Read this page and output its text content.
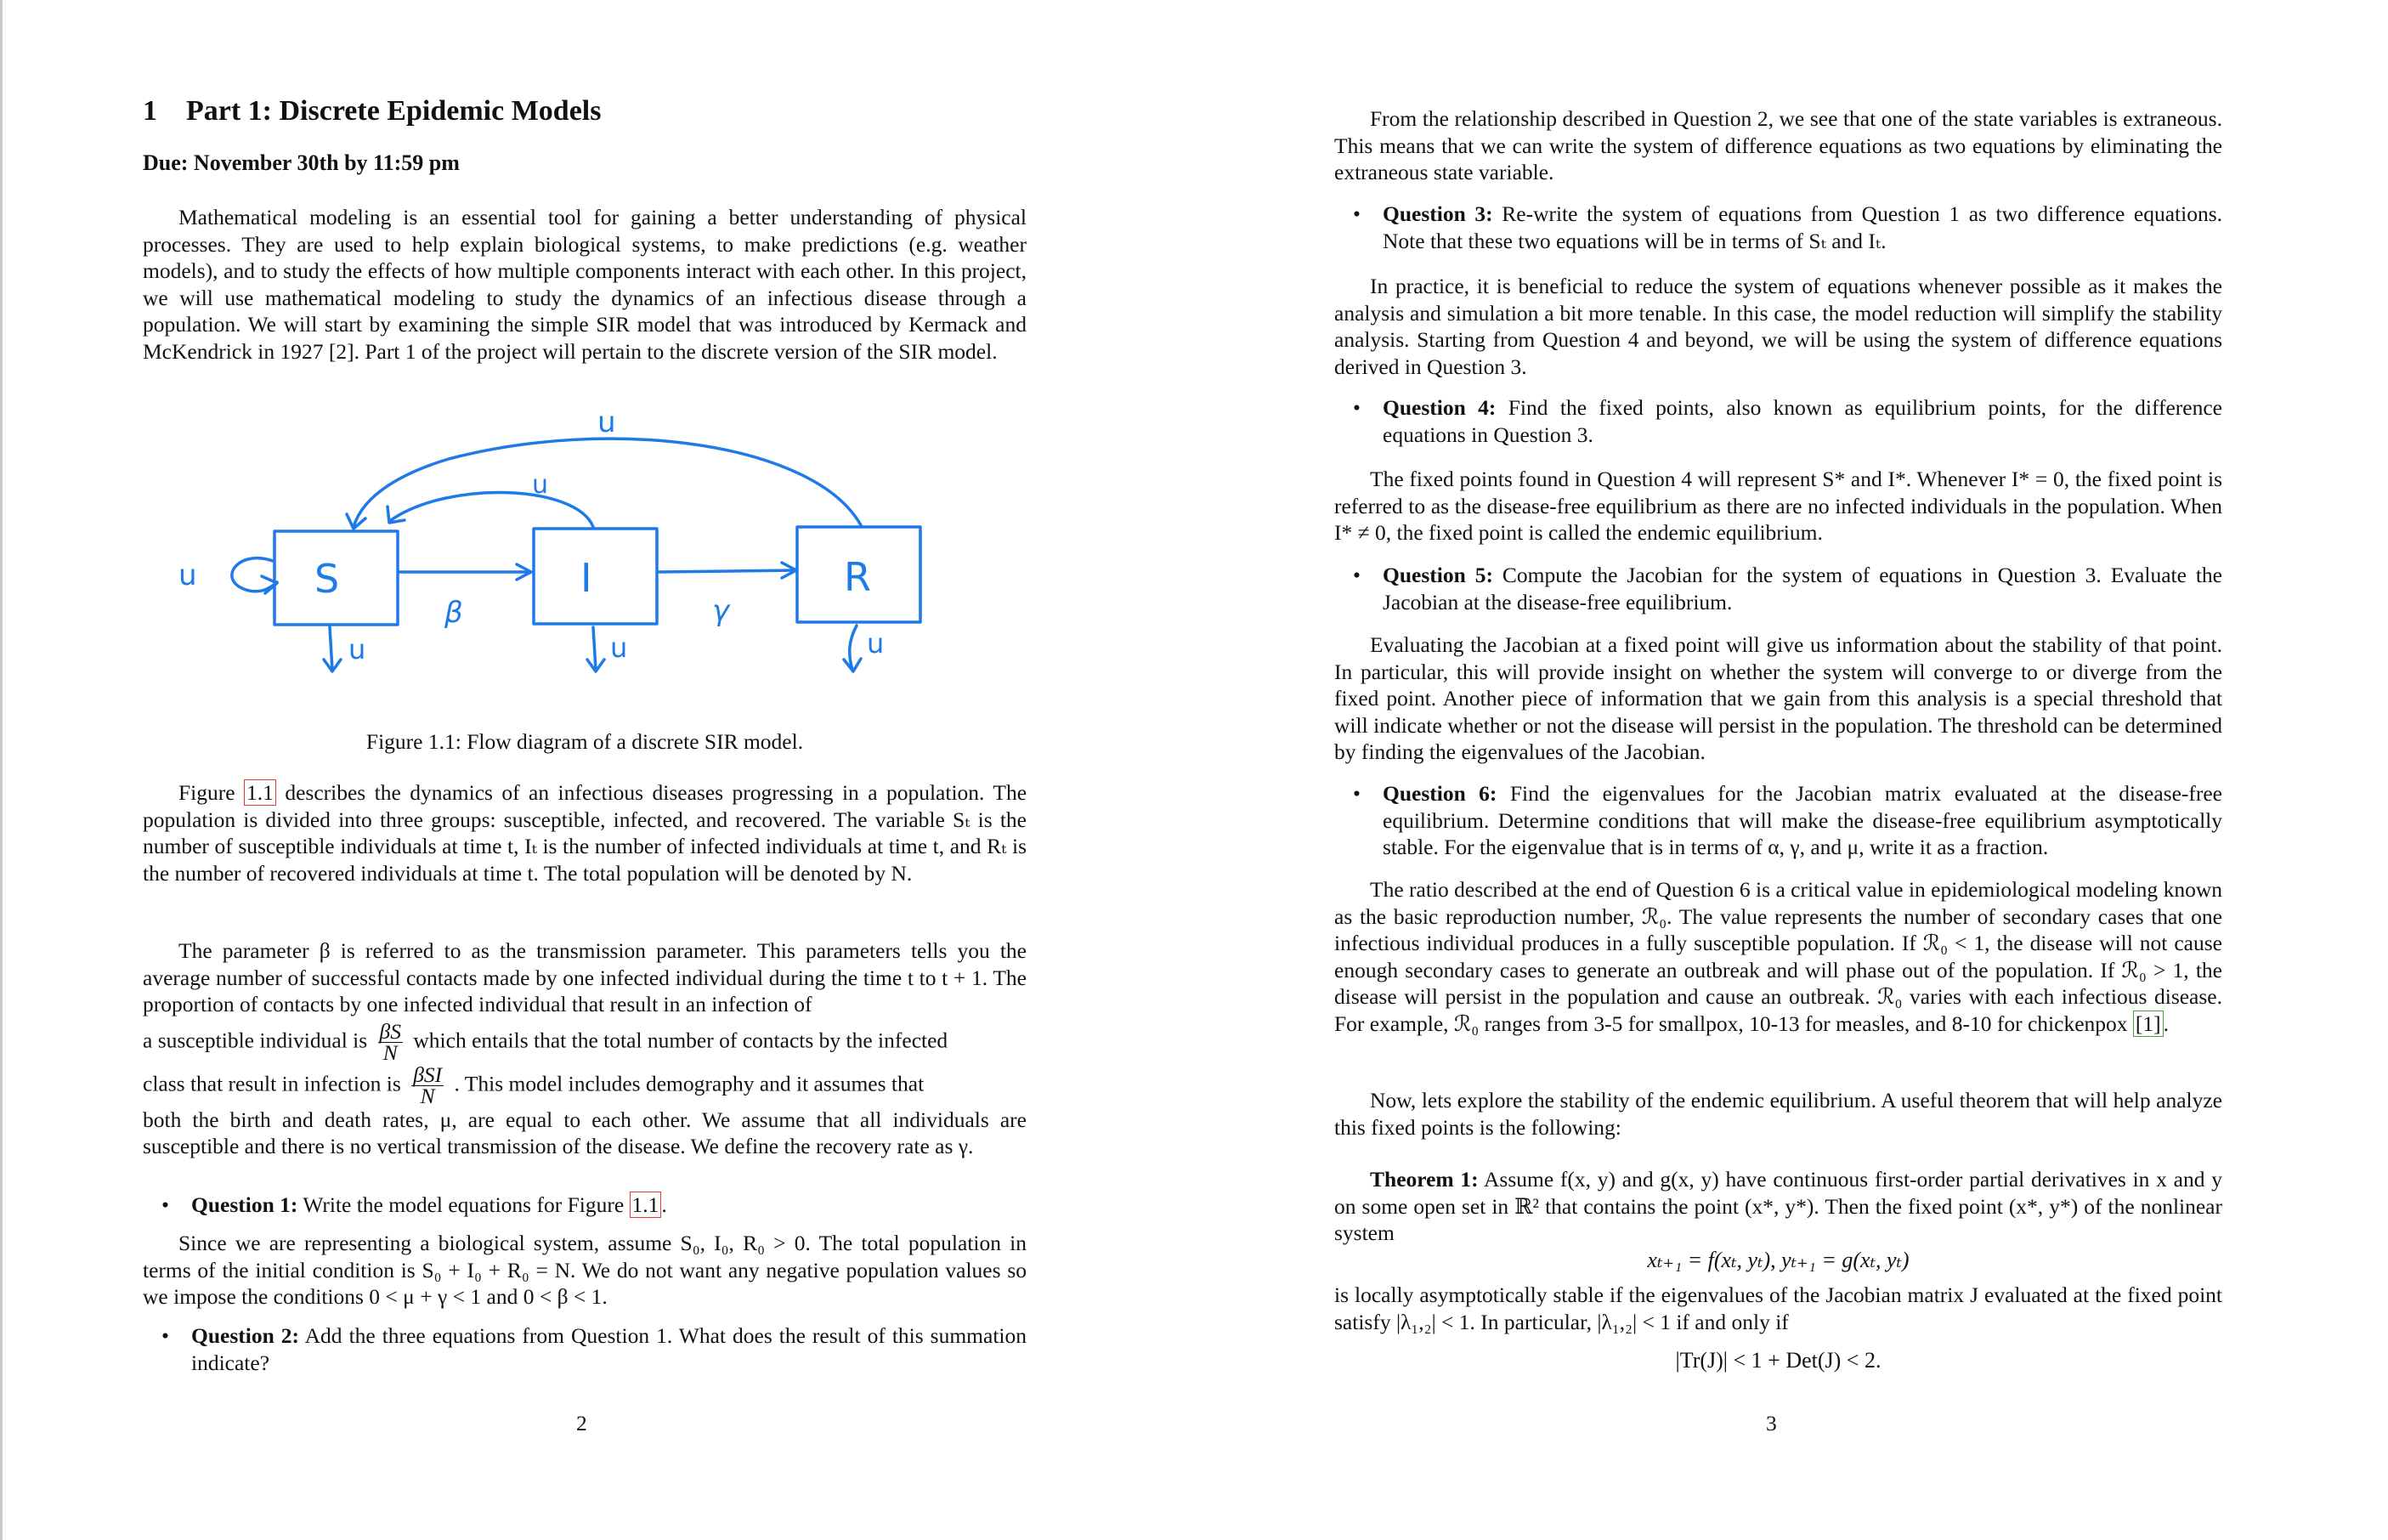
1 Part 1: Discrete Epidemic Models
Due: November 30th by 11:59 pm

Mathematical modeling is an essential tool for gaining a better understanding of physical processes. They are used to help explain biological systems, to make predictions (e.g. weather models), and to study the effects of how multiple components interact with each other. In this project, we will use mathematical modeling to study the dynamics of an infectious disease through a population. We will start by examining the simple SIR model that was introduced by Kermack and McKendrick in 1927 [2]. Part 1 of the project will pertain to the discrete version of the SIR model.

S	I	R
β	γ
u
u
u
u	u	u
Figure 1.1: Flow diagram of a discrete SIR model.

Figure 1.1 describes the dynamics of an infectious diseases progressing in a population. The population is divided into three groups: susceptible, infected, and recovered. The variable Sₜ is the number of susceptible individuals at time t, Iₜ is the number of infected individuals at time t, and Rₜ is the number of recovered individuals at time t. The total population will be denoted by N.

The parameter β is referred to as the transmission parameter. This parameters tells you the average number of successful contacts made by one infected individual during the time t to t + 1. The proportion of contacts by one infected individual that result in an infection of

a susceptible individual is $\frac{\beta S}{N}$ which entails that the total number of contacts by the infected

class that result in infection is $\frac{\text{βSI}}{N}$ . This model includes demography and it assumes that

both the birth and death rates, μ, are equal to each other. We assume that all individuals are susceptible and there is no vertical transmission of the disease. We define the recovery rate as γ.

• Question 1: Write the model equations for Figure 1.1 .

Since we are representing a biological system, assume S₀, I₀, R₀ > 0. The total population in terms of the initial condition is S₀ + I₀ + R₀ = N. We do not want any negative population values so we impose the conditions 0 < μ + γ < 1 and 0 < β < 1.

• Question 2: Add the three equations from Question 1. What does the result of this summation indicate?
2

From the relationship described in Question 2, we see that one of the state variables is extraneous. This means that we can write the system of difference equations as two equations by eliminating the extraneous state variable.

• Question 3: Re-write the system of equations from Question 1 as two difference equations. Note that these two equations will be in terms of Sₜ and Iₜ.

In practice, it is beneficial to reduce the system of equations whenever possible as it makes the analysis and simulation a bit more tenable. In this case, the model reduction will simplify the stability analysis. Starting from Question 4 and beyond, we will be using the system of difference equations derived in Question 3.

• Question 4: Find the fixed points, also known as equilibrium points, for the difference equations in Question 3.

The fixed points found in Question 4 will represent S* and I*. Whenever I* = 0, the fixed point is referred to as the disease-free equilibrium as there are no infected individuals in the population. When I* ≠ 0, the fixed point is called the endemic equilibrium.

• Question 5: Compute the Jacobian for the system of equations in Question 3. Evaluate the Jacobian at the disease-free equilibrium.

Evaluating the Jacobian at a fixed point will give us information about the stability of that point. In particular, this will provide insight on whether the system will converge to or diverge from the fixed point. Another piece of information that we gain from this analysis is a special threshold that will indicate whether or not the disease will persist in the population. The threshold can be determined by finding the eigenvalues of the Jacobian.

• Question 6: Find the eigenvalues for the Jacobian matrix evaluated at the disease-free equilibrium. Determine conditions that will make the disease-free equilibrium asymptotically stable. For the eigenvalue that is in terms of α, γ, and μ, write it as a fraction.

The ratio described at the end of Question 6 is a critical value in epidemiological modeling known as the basic reproduction number, ℛ₀. The value represents the number of secondary cases that one infectious individual produces in a fully susceptible population. If ℛ₀ < 1, the disease will not cause enough secondary cases to generate an outbreak and will phase out of the population. If ℛ₀ > 1, the disease will persist in the population and cause an outbreak. ℛ₀ varies with each infectious disease. For example, ℛ₀ ranges from 3-5 for smallpox, 10-13 for measles, and 8-10 for chickenpox [1] .

Now, lets explore the stability of the endemic equilibrium. A useful theorem that will help analyze this fixed points is the following:

Theorem 1: Assume f(x, y) and g(x, y) have continuous first-order partial derivatives in x and y on some open set in ℝ² that contains the point (x*, y*). Then the fixed point (x*, y*) of the nonlinear system

xₜ₊₁ = f(xₜ, yₜ), yₜ₊₁ = g(xₜ, yₜ)

is locally asymptotically stable if the eigenvalues of the Jacobian matrix J evaluated at the fixed point satisfy |λ₁,₂| < 1. In particular, |λ₁,₂| < 1 if and only if

|Tr(J)| < 1 + Det(J) < 2.
3
